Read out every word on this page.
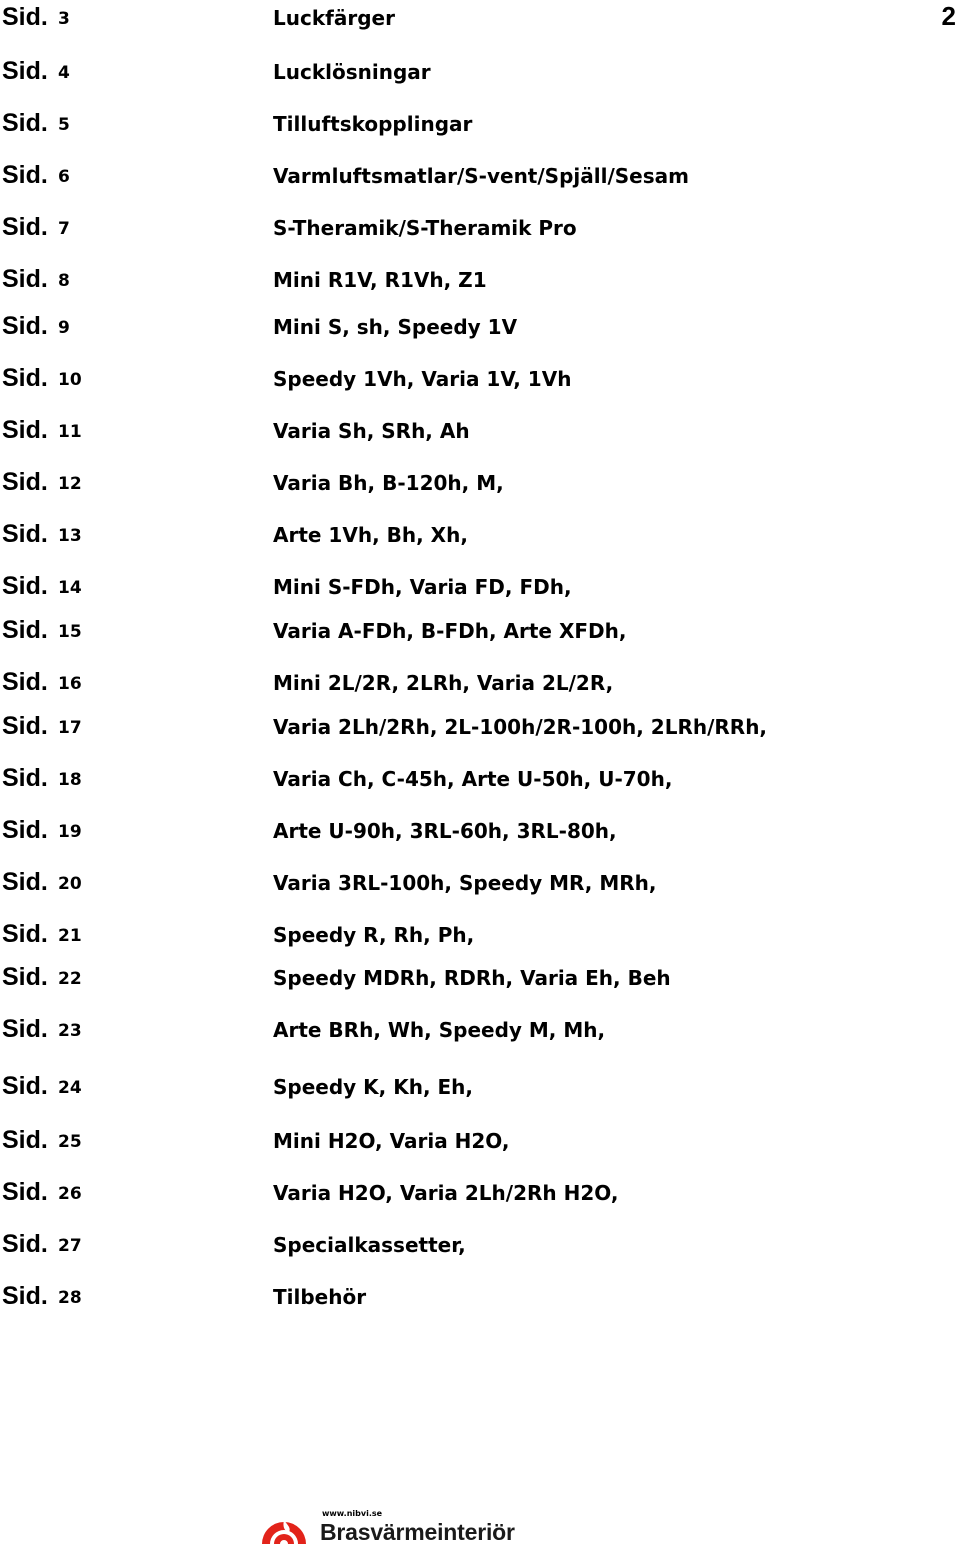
2
Sid. 3	Luckfärger
Sid. 4	Lucklösningar
Sid. 5	Tilluftskopplingar
Sid. 6	Varmluftsmatlar/S-vent/Spjäll/Sesam
Sid. 7	S-Theramik/S-Theramik Pro
Sid. 8	Mini R1V, R1Vh, Z1
Sid. 9	Mini S, sh, Speedy 1V
Sid. 10	Speedy 1Vh, Varia 1V, 1Vh
Sid. 11	Varia Sh, SRh, Ah
Sid. 12	Varia Bh, B-120h, M,
Sid. 13	Arte 1Vh, Bh, Xh,
Sid. 14	Mini S-FDh, Varia FD, FDh,
Sid. 15	Varia A-FDh, B-FDh, Arte XFDh,
Sid. 16	Mini 2L/2R, 2LRh, Varia 2L/2R,
Sid. 17	Varia 2Lh/2Rh, 2L-100h/2R-100h, 2LRh/RRh,
Sid. 18	Varia Ch, C-45h, Arte U-50h, U-70h,
Sid. 19	Arte U-90h, 3RL-60h, 3RL-80h,
Sid. 20	Varia 3RL-100h, Speedy MR, MRh,
Sid. 21	Speedy R, Rh, Ph,
Sid. 22	Speedy MDRh, RDRh, Varia Eh, Beh
Sid. 23	Arte BRh, Wh, Speedy M, Mh,
Sid. 24	Speedy K, Kh, Eh,
Sid. 25	Mini H2O, Varia H2O,
Sid. 26	Varia H2O, Varia 2Lh/2Rh H2O,
Sid. 27	Specialkassetter,
Sid. 28	Tilbehör
www.nibvi.se
Brasvärmeinteriör
